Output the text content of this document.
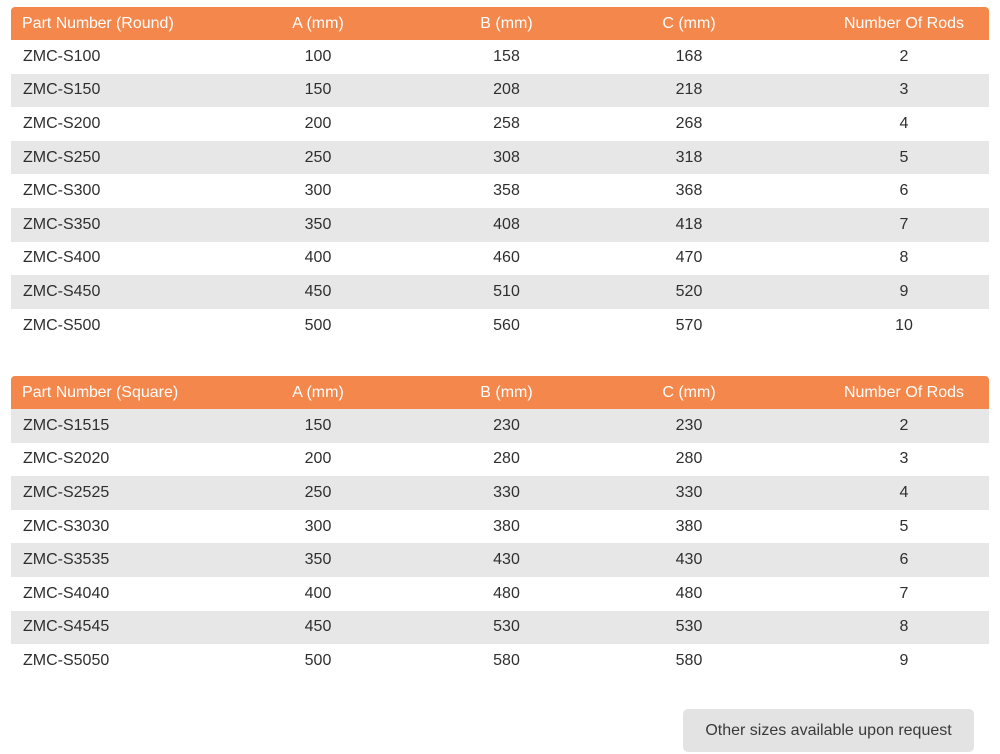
Part Number (Round)	A (mm)	B (mm)	C (mm)	Number Of Rods
ZMC-S100	100	158	168	2
ZMC-S150	150	208	218	3
ZMC-S200	200	258	268	4
ZMC-S250	250	308	318	5
ZMC-S300	300	358	368	6
ZMC-S350	350	408	418	7
ZMC-S400	400	460	470	8
ZMC-S450	450	510	520	9
ZMC-S500	500	560	570	10
Part Number (Square)	A (mm)	B (mm)	C (mm)	Number Of Rods
ZMC-S1515	150	230	230	2
ZMC-S2020	200	280	280	3
ZMC-S2525	250	330	330	4
ZMC-S3030	300	380	380	5
ZMC-S3535	350	430	430	6
ZMC-S4040	400	480	480	7
ZMC-S4545	450	530	530	8
ZMC-S5050	500	580	580	9
Other sizes available upon request
